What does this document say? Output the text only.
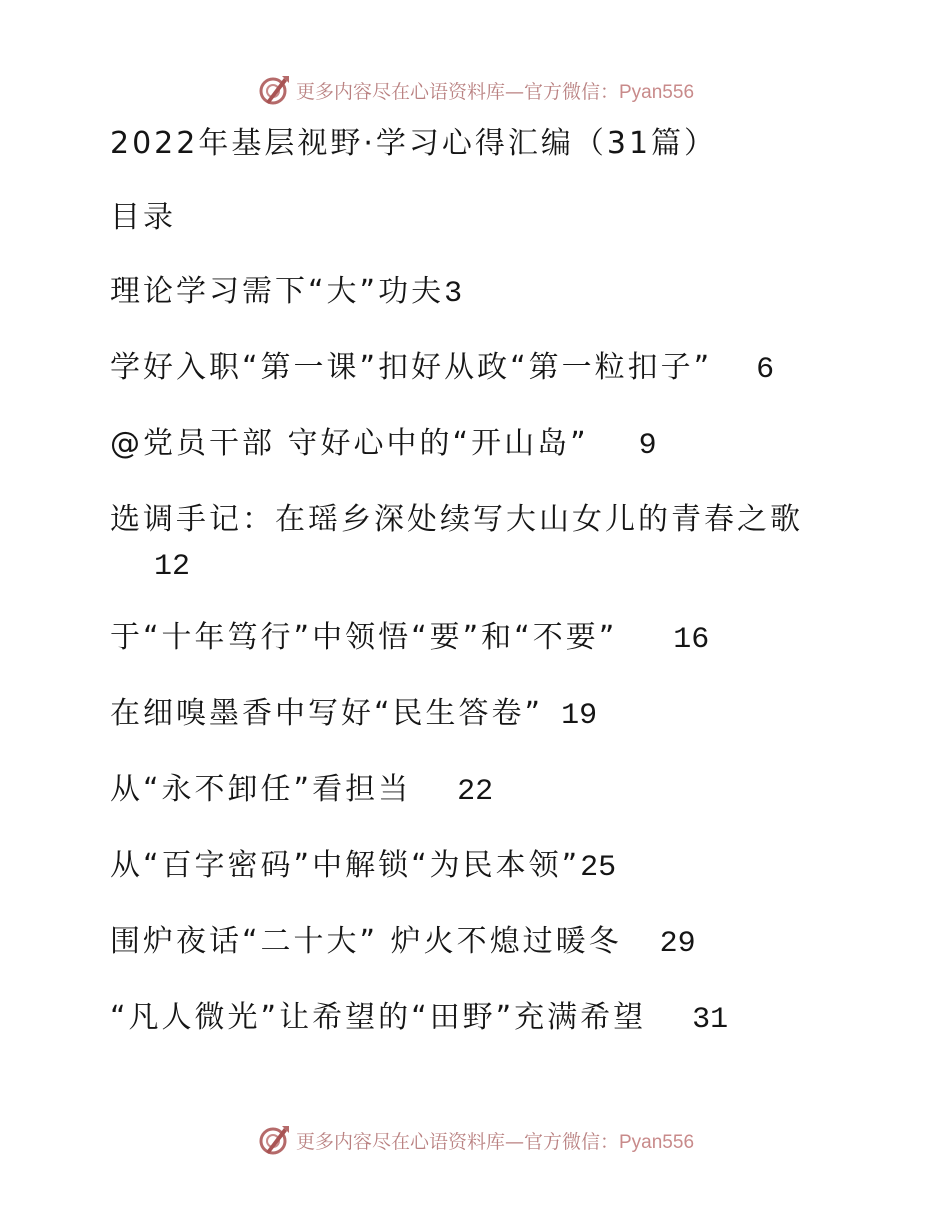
更多内容尽在心语资料库—官方微信：Pyan556
2022年基层视野·学习心得汇编（31篇）
目录
理论学习需下“大”功夫3
学好入职“第一课”扣好从政“第一粒扣子” 6
@党员干部 守好心中的“开山岛” 9
选调手记：在瑶乡深处续写大山女儿的青春之歌
12
于“十年笃行”中领悟“要”和“不要” 16
在细嗅墨香中写好“民生答卷” 19
从“永不卸任”看担当 22
从“百字密码”中解锁“为民本领”25
围炉夜话“二十大” 炉火不熄过暖冬 29
“凡人微光”让希望的“田野”充满希望 31
更多内容尽在心语资料库—官方微信：Pyan556
